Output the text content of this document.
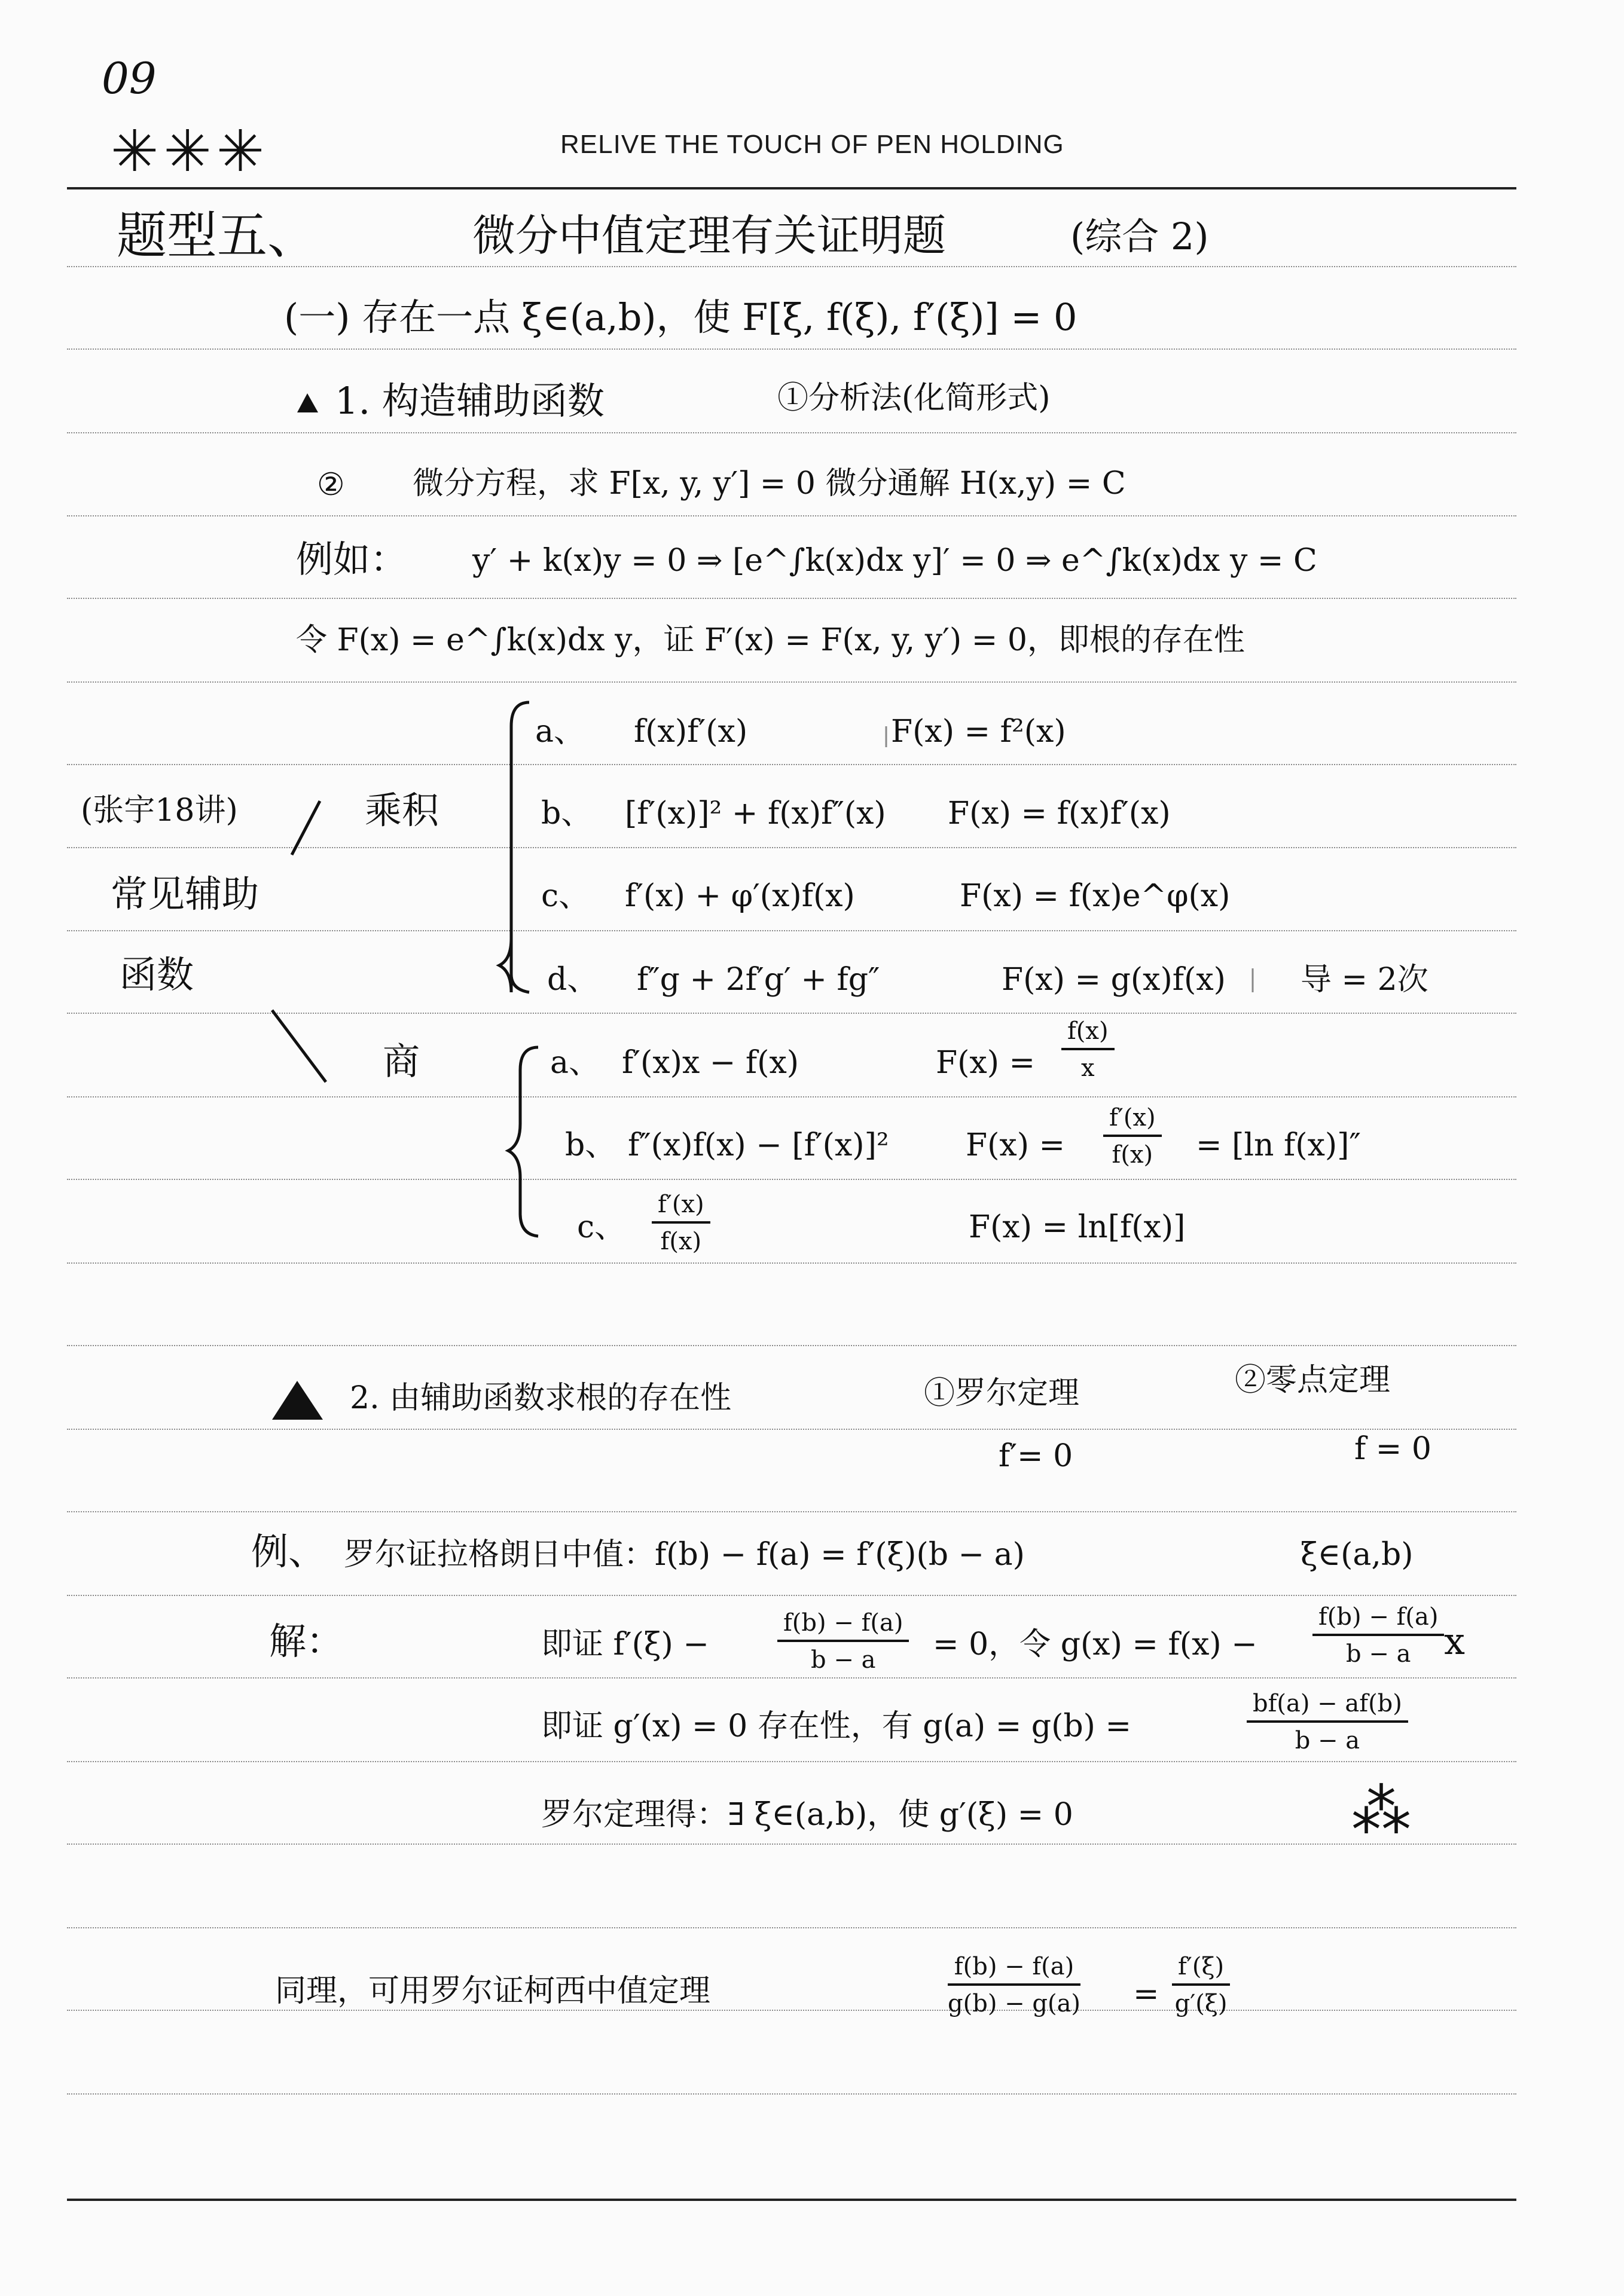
09
✳✳✳	RELIVE THE TOUCH OF PEN HOLDING
题型五、	微分中值定理有关证明题	(综合 2)
(一) 存在一点 ξ∈(a,b)，使 F[ξ, f(ξ), f′(ξ)] = 0
1. 构造辅助函数	①分析法(化简形式)
② 微分方程，求 F[x, y, y′] = 0 微分通解 H(x,y) = C
例如： y′ + k(x)y = 0 ⇒ [e^∫k(x)dx y]′ = 0 ⇒ e^∫k(x)dx y = C
令 F(x) = e^∫k(x)dx y，证 F′(x) = F(x, y, y′) = 0，即根的存在性
(张宇18讲)
常见辅助
函数
乘积
a、 f(x)f′(x)	F(x) = f²(x)
b、 [f′(x)]² + f(x)f″(x) F(x) = f(x)f′(x)
c、 f′(x) + φ′(x)f(x)	F(x) = f(x)e^φ(x)
d、 f″g + 2f′g′ + fg″	F(x) = g(x)f(x) 导 = 2次
商	a、 f′(x)x − f(x)	$F(x) = \frac{f(x)}{x}$
b、 f″(x)f(x) − [f′(x)]² $F(x) = \frac{f'(x)}{f(x)} = [\ln$ f(x)]″
c、 $\frac{f'(x)}{f(x)}$	F(x) = ln[f(x)]
2. 由辅助函数求根的存在性	①罗尔定理	②零点定理
f′= 0	f = 0
例、 罗尔证拉格朗日中值：f(b) − f(a) = f′(ξ)(b − a)	ξ∈(a,b)
解：	即证 f′(ξ) −	$\frac{f(b) - f(a)}{b - a} = 0$，令 $g(x) = f(x) - \frac{f(b) - f(a)}{b - a}$ x
即证 g′(x) = 0 存在性，有 g(a) = g(b) =	$\frac{bf(a) - af(b)}{b - a}$
罗尔定理得：∃ ξ∈(a,b)，使 g′(ξ) = 0	⁂
同理，可用罗尔证柯西中值定理	$\frac{f(b) - f(a)}{g(b) - g(a)} = \frac{f'(\xi)}{g'(\xi)}$
